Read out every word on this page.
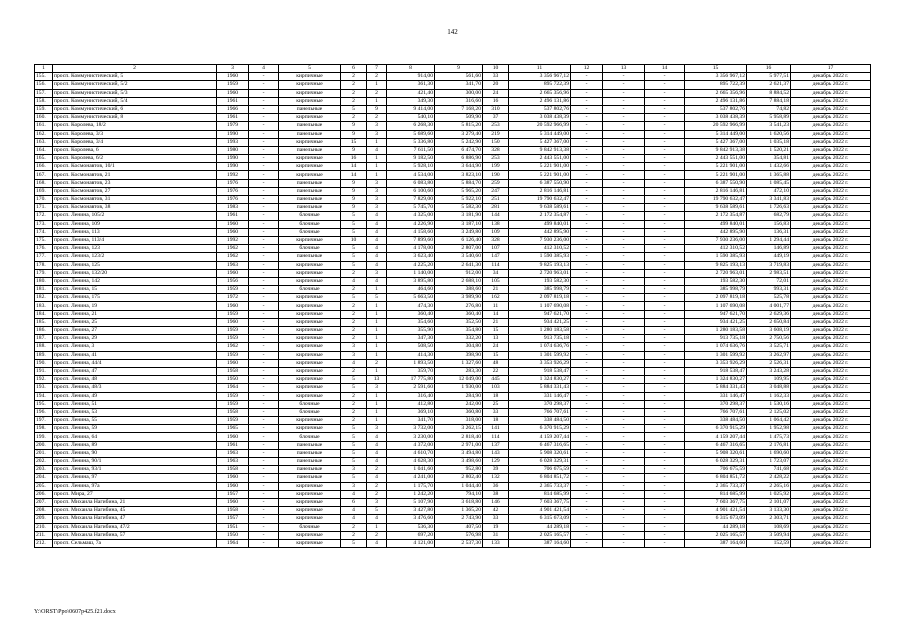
142
1	2	3	4	5	6	7	8	9	10	11	12	13	14	15	16	17
155.	просп. Коммунистический, 5	1960	-	кирпичные	2	2	914,00	561,60	33	3 356 967,12	-	-	-	3 356 967,12	5 977,51	декабрь 2022 г.
156.	просп. Коммунистический, 5/2	1959	-	кирпичные	2	1	361,30	341,70	20	895 722,39	-	-	-	895 722,39	2 621,37	декабрь 2022 г.
157.	просп. Коммунистический, 5/3	1960	-	кирпичные	2	2	421,40	300,00	24	2 665 356,96	-	-	-	2 665 356,96	8 884,52	декабрь 2022 г.
158.	просп. Коммунистический, 5/4	1961	-	кирпичные	2	1	349,30	316,60	16	2 496 131,86	-	-	-	2 496 131,86	7 884,18	декабрь 2022 г.
159.	просп. Коммунистический, 6	1966	-	панельные	5	9	9 414,00	7 168,20	310	537 802,76	-	-	-	537 802,76	74,82	декабрь 2022 г.
160.	просп. Коммунистический, 8	1961	-	кирпичные	2	2	540,10	509,90	37	3 038 438,39	-	-	-	3 038 438,39	5 958,89	декабрь 2022 г.
161.	просп. Королева, 18/2	1979	-	панельные	9	3	6 268,30	5 815,20	253	20 592 966,99	-	-	-	20 592 966,99	3 541,23	декабрь 2022 г.
162.	просп. Королева, 3/3	1990	-	панельные	9	3	5 689,60	3 279,40	219	5 314 449,00	-	-	-	5 314 449,00	1 620,56	декабрь 2022 г.
163.	просп. Королева, 3/4	1993	-	кирпичные	15	1	5 336,80	5 242,90	150	5 427 367,00	-	-	-	5 427 367,00	1 035,18	декабрь 2022 г.
164.	просп. Королева, 6	1980	-	панельные	9	4	7 611,50	6 474,70	328	9 842 913,38	-	-	-	9 842 913,38	1 520,21	декабрь 2022 г.
165.	просп. Королева, 6/2	1990	-	кирпичные	16	1	9 182,50	6 886,90	253	2 443 551,00	-	-	-	2 443 551,00	354,81	декабрь 2022 г.
166.	просп. Космонавтов, 10/1	1990	-	кирпичные	14	1	5 928,10	3 644,90	199	5 221 901,00	-	-	-	5 221 901,00	1 432,66	декабрь 2022 г.
167.	просп. Космонавтов, 21	1992	-	кирпичные	14	1	4 534,00	3 823,10	190	5 221 901,00	-	-	-	5 221 901,00	1 365,88	декабрь 2022 г.
168.	просп. Космонавтов, 23	1976	-	панельные	9	3	6 083,80	5 884,70	259	6 387 550,90	-	-	-	6 387 550,90	1 085,45	декабрь 2022 г.
169.	просп. Космонавтов, 27	1976	-	панельные	9	3	6 100,60	5 965,20	247	2 816 146,81	-	-	-	2 816 146,81	472,10	декабрь 2022 г.
170.	просп. Космонавтов, 31	1976	-	панельные	9	3	7 829,00	5 922,10	251	19 790 632,47	-	-	-	19 790 632,47	3 341,83	декабрь 2022 г.
171.	просп. Космонавтов, 38	1983	-	панельные	9	3	5 745,70	5 582,30	281	9 638 589,61	-	-	-	9 638 589,61	1 726,63	декабрь 2022 г.
172.	просп. Ленина, 105/2	1961	-	блочные	5	4	4 325,00	3 181,90	144	2 172 354,87	-	-	-	2 172 354,87	682,79	декабрь 2022 г.
173.	просп. Ленина, 109	1960	-	блочные	5	4	4 226,90	3 187,10	138	499 840,01	-	-	-	499 840,01	156,83	декабрь 2022 г.
174.	просп. Ленина, 113	1960	-	блочные	5	4	4 158,60	3 249,80	109	442 895,90	-	-	-	442 895,90	136,31	декабрь 2022 г.
175.	просп. Ленина, 113/4	1992	-	кирпичные	10	4	7 899,60	6 126,40	328	7 930 236,00	-	-	-	7 930 236,00	1 294,44	декабрь 2022 г.
176.	просп. Ленина, 123	1962	-	блочные	5	4	4 178,00	2 807,00	107	412 310,52	-	-	-	412 310,52	146,89	декабрь 2022 г.
177.	просп. Ленина, 123/2	1962	-	панельные	5	4	3 623,40	3 540,60	147	1 590 385,93	-	-	-	1 590 385,93	449,19	декабрь 2022 г.
178.	просп. Ленина, 125	1963	-	кирпичные	5	4	4 225,20	2 641,30	114	9 825 193,13	-	-	-	9 825 193,13	3 719,83	декабрь 2022 г.
179.	просп. Ленина, 132/20	1960	-	кирпичные	2	3	1 140,00	912,00	34	2 720 963,01	-	-	-	2 720 963,01	2 983,51	декабрь 2022 г.
180.	просп. Ленина, 142	1956	-	кирпичные	4	4	3 895,80	2 688,10	105	193 582,30	-	-	-	193 582,30	72,01	декабрь 2022 г.
181.	просп. Ленина, 15	1959	-	блочные	2	1	464,60	388,60	21	385 998,79	-	-	-	385 998,79	993,31	декабрь 2022 г.
182.	просп. Ленина, 175	1972	-	кирпичные	5	5	5 663,50	3 989,90	162	2 097 819,18	-	-	-	2 097 819,18	525,78	декабрь 2022 г.
183.	просп. Ленина, 19	1960	-	кирпичные	2	1	474,30	276,80	11	1 107 690,08	-	-	-	1 107 690,08	4 001,77	декабрь 2022 г.
184.	просп. Ленина, 21	1959	-	кирпичные	2	1	360,40	360,40	14	947 621,70	-	-	-	947 621,70	2 629,36	декабрь 2022 г.
185.	просп. Ленина, 25	1960	-	кирпичные	2	1	354,60	352,50	21	934 421,25	-	-	-	934 421,25	2 650,84	декабрь 2022 г.
186.	просп. Ленина, 27	1959	-	кирпичные	2	1	355,90	354,80	15	1 280 183,58	-	-	-	1 280 183,58	3 608,19	декабрь 2022 г.
187.	просп. Ленина, 29	1959	-	кирпичные	2	1	347,30	332,20	13	913 735,18	-	-	-	913 735,18	2 750,56	декабрь 2022 г.
188.	просп. Ленина, 3	1962	-	кирпичные	3	1	508,50	304,80	24	1 074 636,76	-	-	-	1 074 636,76	3 525,71	декабрь 2022 г.
189.	просп. Ленина, 41	1959	-	кирпичные	3	1	414,30	398,90	15	1 301 599,92	-	-	-	1 301 599,92	3 262,97	декабрь 2022 г.
190.	просп. Ленина, 44/4	1960	-	кирпичные	4	2	1 893,50	1 327,60	48	3 353 926,29	-	-	-	3 353 926,29	2 526,31	декабрь 2022 г.
191.	просп. Ленина, 47	1958	-	кирпичные	2	1	359,70	283,30	22	918 538,47	-	-	-	918 538,47	3 243,28	декабрь 2022 г.
192.	просп. Ленина, 48	1950	-	кирпичные	5	13	17 775,80	12 049,00	445	1 324 830,27	-	-	-	1 324 830,27	109,95	декабрь 2022 г.
193.	просп. Ленина, 48/3	1964	-	кирпичные	5	3	2 591,60	1 930,00	103	5 884 331,43	-	-	-	5 884 331,43	3 048,88	декабрь 2022 г.
194.	просп. Ленина, 49	1959	-	кирпичные	2	1	316,40	284,90	18	331 146,47	-	-	-	331 146,47	1 162,33	декабрь 2022 г.
195.	просп. Ленина, 51	1959	-	блочные	2	1	412,80	242,00	25	370 298,37	-	-	-	370 298,37	1 530,16	декабрь 2022 г.
196.	просп. Ленина, 53	1958	-	блочные	2	1	369,10	360,80	33	766 707,61	-	-	-	766 707,61	2 125,02	декабрь 2022 г.
197.	просп. Ленина, 55	1959	-	кирпичные	2	1	341,70	318,00	18	338 484,50	-	-	-	338 484,50	1 064,42	декабрь 2022 г.
198.	просп. Ленина, 59	1965	-	кирпичные	5	3	3 732,00	3 262,15	141	6 370 915,29	-	-	-	6 370 915,29	1 952,98	декабрь 2022 г.
199.	просп. Ленина, 64	1960	-	блочные	5	4	3 230,00	2 818,40	114	4 159 207,44	-	-	-	4 159 207,44	1 475,73	декабрь 2022 г.
200.	просп. Ленина, 89	1961	-	панельные	5	4	4 372,00	2 971,00	137	6 467 316,65	-	-	-	6 467 316,65	2 176,81	декабрь 2022 г.
201.	просп. Ленина, 90	1963	-	панельные	5	4	4 610,70	3 494,80	143	5 908 320,61	-	-	-	5 908 320,61	1 690,60	декабрь 2022 г.
202.	просп. Ленина, 90/1	1963	-	панельные	5	4	4 628,30	3 498,60	129	6 028 329,31	-	-	-	6 028 329,31	1 723,07	декабрь 2022 г.
203.	просп. Ленина, 93/1	1958	-	панельные	3	2	1 041,60	952,80	39	706 675,59	-	-	-	706 675,59	741,68	декабрь 2022 г.
204.	просп. Ленина, 97	1960	-	панельные	5	4	4 241,00	2 802,40	132	6 804 851,72	-	-	-	6 804 851,72	2 428,22	декабрь 2022 г.
205.	просп. Ленина, 97а	1960	-	кирпичные	3	2	1 175,70	1 044,40	36	2 365 733,37	-	-	-	2 365 733,37	2 265,16	декабрь 2022 г.
206.	просп. Мира, 27	1957	-	кирпичные	4	2	1 242,20	794,10	38	814 685,99	-	-	-	814 685,99	1 025,92	декабрь 2022 г.
207.	просп. Михаила Нагибина, 21	1960	-	кирпичные	6	3	5 107,90	3 618,80	146	7 603 367,75	-	-	-	7 603 367,75	2 101,07	декабрь 2022 г.
208.	просп. Михаила Нагибина, 45	1958	-	кирпичные	4	5	3 427,80	1 365,20	42	4 901 421,54	-	-	-	4 901 421,54	3 133,30	декабрь 2022 г.
209.	просп. Михаила Нагибина, 47	1957	-	кирпичные	4	4	3 476,60	2 743,90	33	6 315 673,09	-	-	-	6 315 673,09	2 303,71	декабрь 2022 г.
210.	просп. Михаила Нагибина, 47/2	1951	-	блочные	2	1	536,30	407,50	19	44 289,18	-	-	-	44 289,18	108,69	декабрь 2022 г.
211.	просп. Михаила Нагибина, 57	1950	-	кирпичные	2	2	697,20	576,98	31	2 025 165,57	-	-	-	2 025 165,57	3 509,94	декабрь 2022 г.
212.	просп. Сельмаш, 7а	1964	-	кирпичные	5	4	4 121,00	2 537,30	133	387 164,60	-	-	-	387 164,60	152,59	декабрь 2022 г.
Y:\ORST\Ppo\0607p425.f21.docx
